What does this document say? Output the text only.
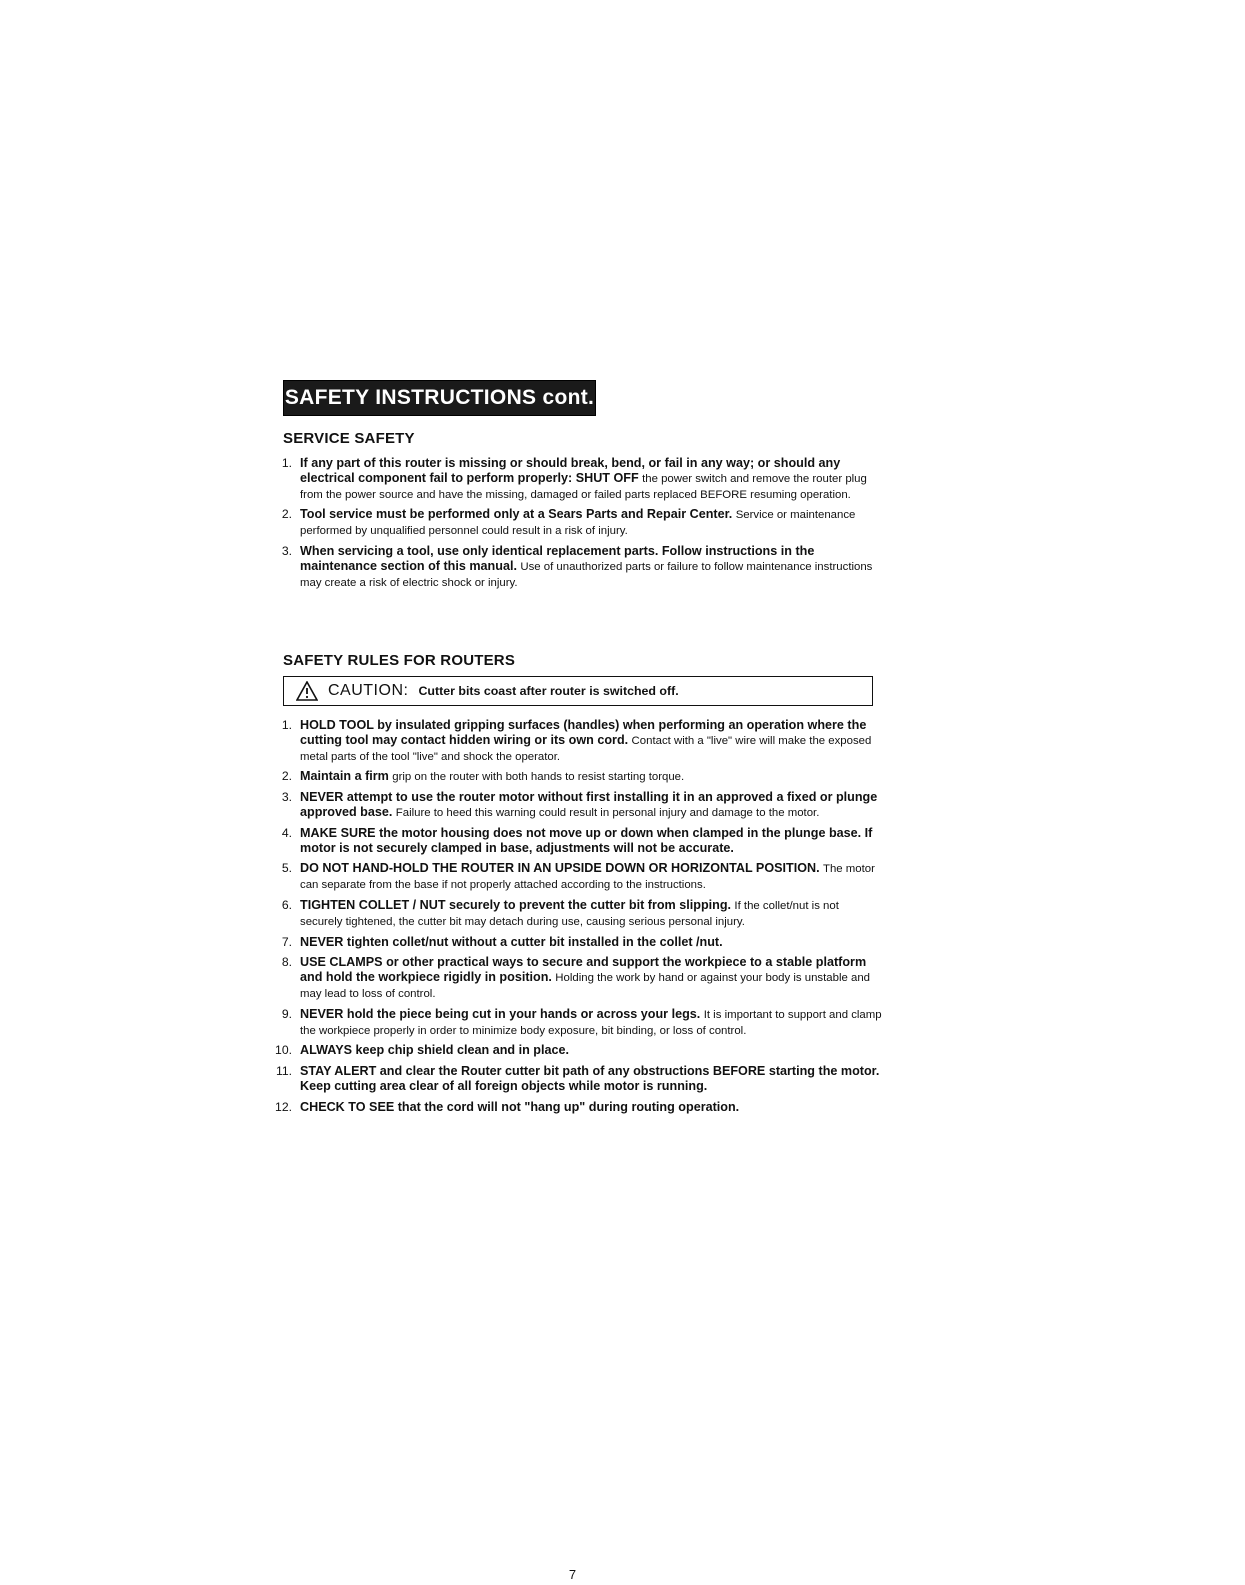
SAFETY INSTRUCTIONS cont.
SERVICE SAFETY
1. If any part of this router is missing or should break, bend, or fail in any way; or should any electrical component fail to perform properly: SHUT OFF the power switch and remove the router plug from the power source and have the missing, damaged or failed parts replaced BEFORE resuming operation.
2. Tool service must be performed only at a Sears Parts and Repair Center. Service or maintenance performed by unqualified personnel could result in a risk of injury.
3. When servicing a tool, use only identical replacement parts. Follow instructions in the maintenance section of this manual. Use of unauthorized parts or failure to follow maintenance instructions may create a risk of electric shock or injury.
SAFETY RULES FOR ROUTERS
CAUTION: Cutter bits coast after router is switched off.
1. HOLD TOOL by insulated gripping surfaces (handles) when performing an operation where the cutting tool may contact hidden wiring or its own cord. Contact with a "live" wire will make the exposed metal parts of the tool "live" and shock the operator.
2. Maintain a firm grip on the router with both hands to resist starting torque.
3. NEVER attempt to use the router motor without first installing it in an approved a fixed or plunge approved base. Failure to heed this warning could result in personal injury and damage to the motor.
4. MAKE SURE the motor housing does not move up or down when clamped in the plunge base. If motor is not securely clamped in base, adjustments will not be accurate.
5. DO NOT HAND-HOLD THE ROUTER IN AN UPSIDE DOWN OR HORIZONTAL POSITION. The motor can separate from the base if not properly attached according to the instructions.
6. TIGHTEN COLLET / NUT securely to prevent the cutter bit from slipping. If the collet/nut is not securely tightened, the cutter bit may detach during use, causing serious personal injury.
7. NEVER tighten collet/nut without a cutter bit installed in the collet /nut.
8. USE CLAMPS or other practical ways to secure and support the workpiece to a stable platform and hold the workpiece rigidly in position. Holding the work by hand or against your body is unstable and may lead to loss of control.
9. NEVER hold the piece being cut in your hands or across your legs. It is important to support and clamp the workpiece properly in order to minimize body exposure, bit binding, or loss of control.
10. ALWAYS keep chip shield clean and in place.
11. STAY ALERT and clear the Router cutter bit path of any obstructions BEFORE starting the motor. Keep cutting area clear of all foreign objects while motor is running.
12. CHECK TO SEE that the cord will not "hang up" during routing operation.
7
